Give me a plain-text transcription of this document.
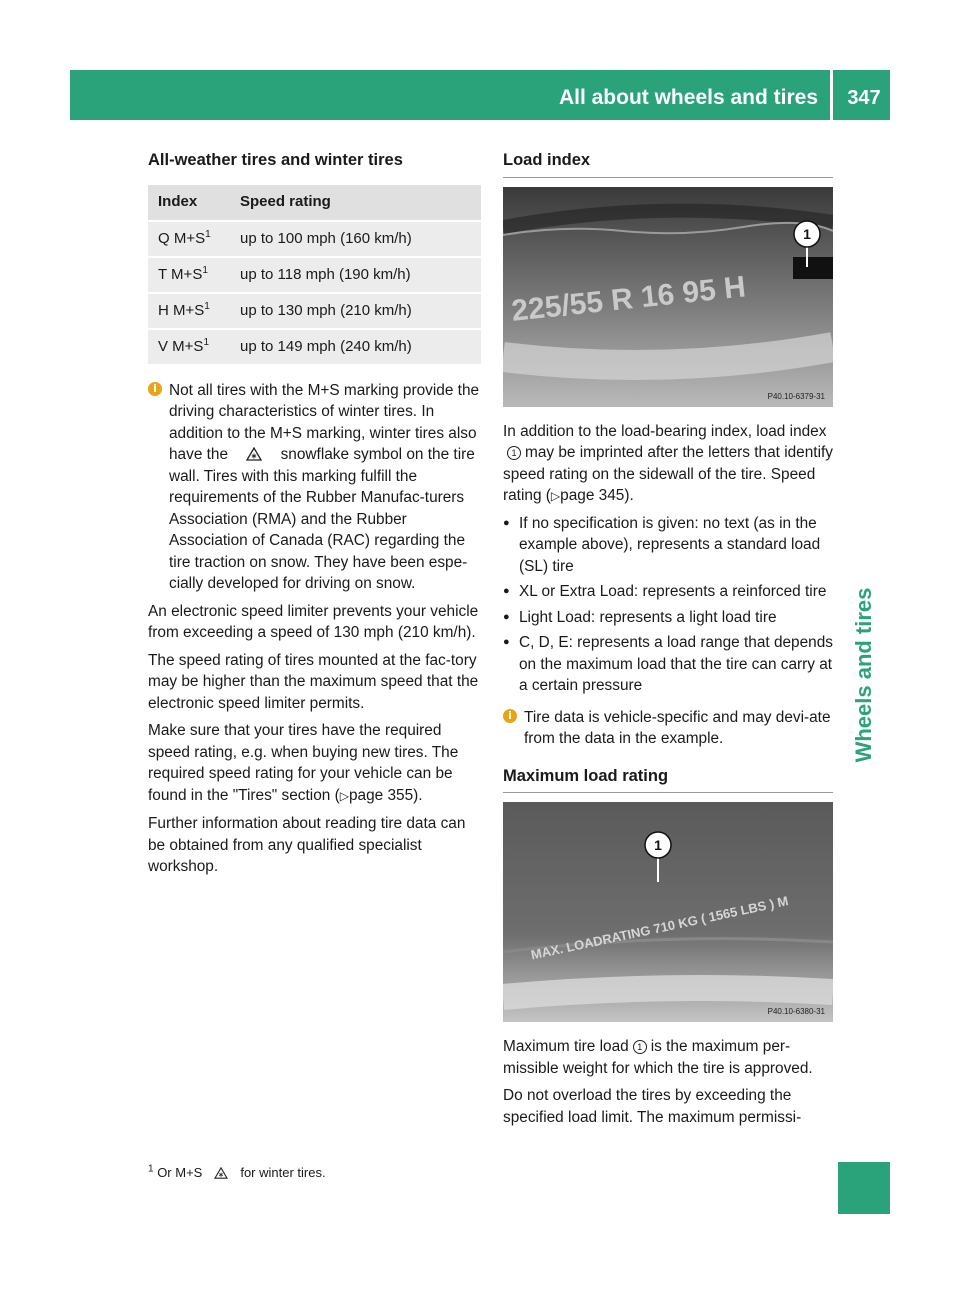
All about wheels and tires	347
Wheels and tires
All-weather tires and winter tires
Index	Speed rating
Q $M+S^1$	up to 100 mph (160 km/h)
T $M+S^1$	up to 118 mph (190 km/h)
H $M+S^1$	up to 130 mph (210 km/h)
V $M+S^1$	up to 149 mph (240 km/h)
i Not all tires with the M+S marking provide the driving characteristics of winter tires. In addition to the M+S marking, winter tires also have the	snowflake symbol on the tire wall. Tires with this marking fulfill the requirements of the Rubber Manufac-turers Association (RMA) and the Rubber Association of Canada (RAC) regarding the tire traction on snow. They have been espe-cially developed for driving on snow.

An electronic speed limiter prevents your vehicle from exceeding a speed of 130 mph (210 km/h).

The speed rating of tires mounted at the fac-tory may be higher than the maximum speed that the electronic speed limiter permits.

Make sure that your tires have the required speed rating, e.g. when buying new tires. The required speed rating for your vehicle can be found in the "Tires" section (▷page 355).

Further information about reading tire data can be obtained from any qualified specialist workshop.

Load index
225/55 R 16 95 H
1
P40.10-6379-31

In addition to the load-bearing index, load index1 may be imprinted after the letters that identify speed rating on the sidewall of the tire. Speed rating (▷page 345).

● If no specification is given: no text (as in the example above), represents a standard load (SL) tire
● XL or Extra Load: represents a reinforced tire
● Light Load: represents a light load tire
● C, D, E: represents a load range that depends on the maximum load that the tire can carry at a certain pressure
i Tire data is vehicle-specific and may devi-ate from the data in the example.
Maximum load rating
MAX. LOADRATING 710 KG ( 1565 LBS ) M
1
P40.10-6380-31

Maximum tire load 1 is the maximum per-missible weight for which the tire is approved.

Do not overload the tires by exceeding the specified load limit. The maximum permissi-

$^1$ Or M+S	for winter tires.
